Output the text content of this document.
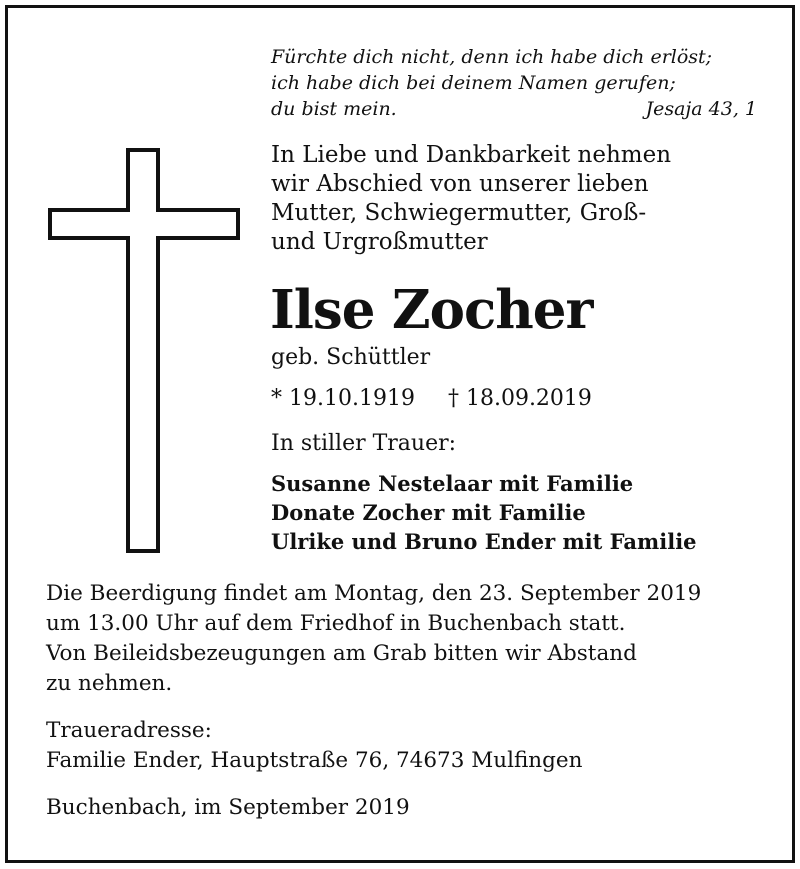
Fürchte dich nicht, denn ich habe dich erlöst;
ich habe dich bei deinem Namen gerufen;
du bist mein.	Jesaja 43, 1
In Liebe und Dankbarkeit nehmen
wir Abschied von unserer lieben
Mutter, Schwiegermutter, Groß-
und Urgroßmutter
Ilse Zocher
geb. Schüttler
* 19.10.1919 † 18.09.2019
In stiller Trauer:
Susanne Nestelaar mit Familie
Donate Zocher mit Familie
Ulrike und Bruno Ender mit Familie
Die Beerdigung findet am Montag, den 23. September 2019
um 13.00 Uhr auf dem Friedhof in Buchenbach statt.
Von Beileidsbezeugungen am Grab bitten wir Abstand
zu nehmen.
Traueradresse:
Familie Ender, Hauptstraße 76, 74673 Mulfingen
Buchenbach, im September 2019
